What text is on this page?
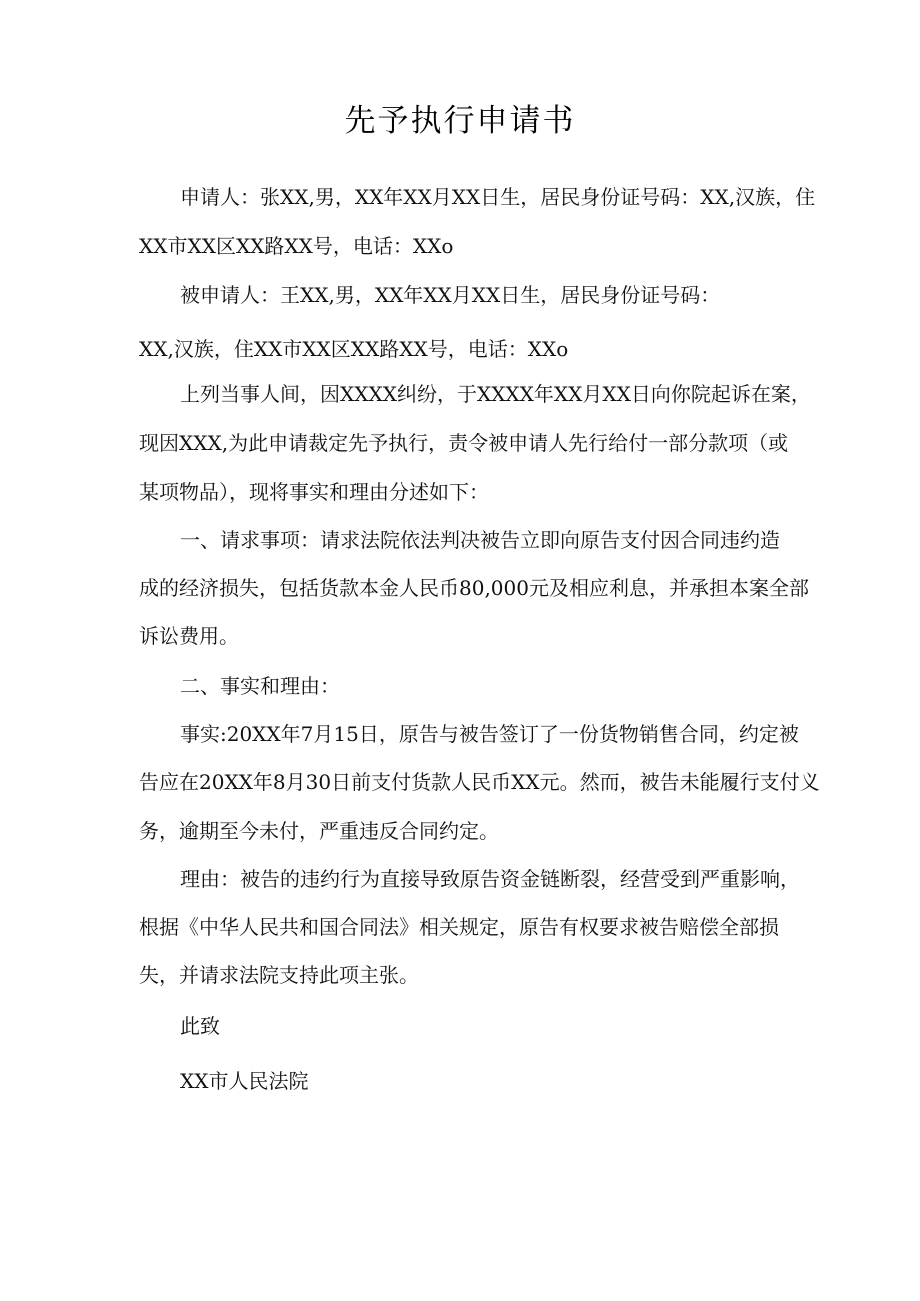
先予执行申请书
申请人：张XX,男，XX年XX月XX日生，居民身份证号码：XX,汉族，住
XX市XX区XX路XX号，电话：XXo
被申请人：王XX,男，XX年XX月XX日生，居民身份证号码：
XX,汉族，住XX市XX区XX路XX号，电话：XXo
上列当事人间，因XXXX纠纷，于XXXX年XX月XX日向你院起诉在案，
现因XXX,为此申请裁定先予执行，责令被申请人先行给付一部分款项（或
某项物品），现将事实和理由分述如下：
一、请求事项：请求法院依法判决被告立即向原告支付因合同违约造
成的经济损失，包括货款本金人民币80,000元及相应利息，并承担本案全部
诉讼费用。
二、事实和理由：
事实:20XX年7月15日，原告与被告签订了一份货物销售合同，约定被
告应在20XX年8月30日前支付货款人民币XX元。然而，被告未能履行支付义
务，逾期至今未付，严重违反合同约定。
理由：被告的违约行为直接导致原告资金链断裂，经营受到严重影响，
根据《中华人民共和国合同法》相关规定，原告有权要求被告赔偿全部损
失，并请求法院支持此项主张。
此致
XX市人民法院
